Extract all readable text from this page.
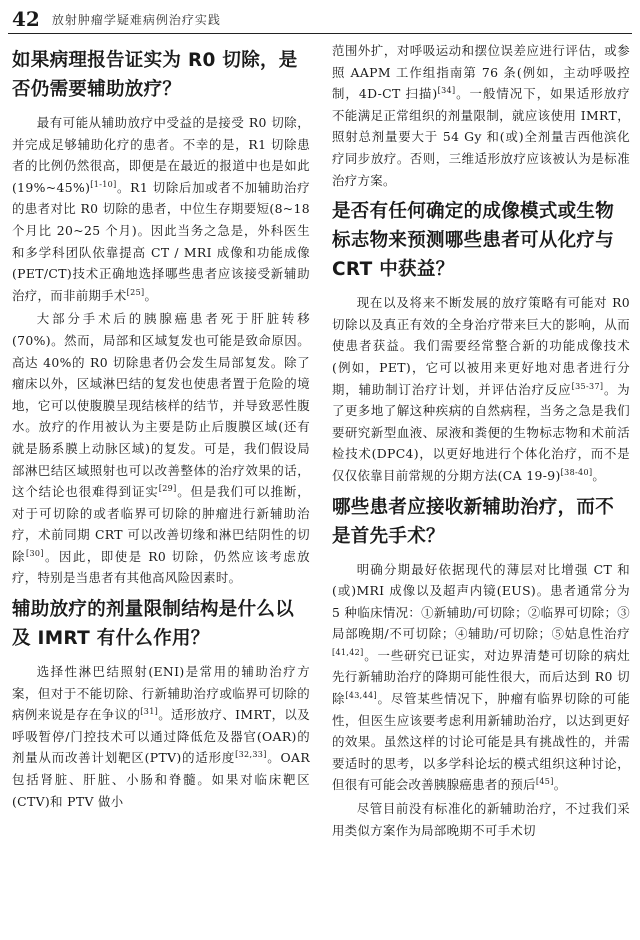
42 放射肿瘤学疑难病例治疗实践
如果病理报告证实为 R0 切除，是否仍需要辅助放疗？

最有可能从辅助放疗中受益的是接受 R0 切除，并完成足够辅助化疗的患者。不幸的是，R1 切除患者的比例仍然很高，即便是在最近的报道中也是如此(19%~45%)[1-10]。R1 切除后加或者不加辅助治疗的患者对比 R0 切除的患者，中位生存期要短(8~18 个月比 20~25 个月)。因此当务之急是，外科医生和多学科团队依靠提高 CT / MRI 成像和功能成像(PET/CT)技术正确地选择哪些患者应该接受新辅助治疗，而非前期手术[25]。

大部分手术后的胰腺癌患者死于肝脏转移(70%)。然而，局部和区域复发也可能是致命原因。高达 40%的 R0 切除患者仍会发生局部复发。除了瘤床以外，区域淋巴结的复发也使患者置于危险的境地，它可以使腹膜呈现结核样的结节，并导致恶性腹水。放疗的作用被认为主要是防止后腹膜区域(还有就是肠系膜上动脉区域)的复发。可是，我们假设局部淋巴结区域照射也可以改善整体的治疗效果的话，这个结论也很难得到证实[29]。但是我们可以推断，对于可切除的或者临界可切除的肿瘤进行新辅助治疗，术前同期 CRT 可以改善切缘和淋巴结阴性的切除[30]。因此，即使是 R0 切除，仍然应该考虑放疗，特别是当患者有其他高风险因素时。

辅助放疗的剂量限制结构是什么以及 IMRT 有什么作用？

选择性淋巴结照射(ENI)是常用的辅助治疗方案，但对于不能切除、行新辅助治疗或临界可切除的病例来说是存在争议的[31]。适形放疗、IMRT，以及呼吸暂停/门控技术可以通过降低危及器官(OAR)的剂量从而改善计划靶区(PTV)的适形度[32,33]。OAR 包括肾脏、肝脏、小肠和脊髓。如果对临床靶区(CTV)和 PTV 做小

范围外扩，对呼吸运动和摆位误差应进行评估，或参照 AAPM 工作组指南第 76 条(例如，主动呼吸控制，4D-CT 扫描)[34]。一般情况下，如果适形放疗不能满足正常组织的剂量限制，就应该使用 IMRT，照射总剂量要大于 54 Gy 和(或)全剂量吉西他滨化疗同步放疗。否则，三维适形放疗应该被认为是标准治疗方案。

是否有任何确定的成像模式或生物标志物来预测哪些患者可从化疗与 CRT 中获益？

现在以及将来不断发展的放疗策略有可能对 R0 切除以及真正有效的全身治疗带来巨大的影响，从而使患者获益。我们需要经常整合新的功能成像技术(例如，PET)，它可以被用来更好地对患者进行分期，辅助制订治疗计划，并评估治疗反应[35-37]。为了更多地了解这种疾病的自然病程，当务之急是我们要研究新型血液、尿液和粪便的生物标志物和术前活检技术(DPC4)，以更好地进行个体化治疗，而不是仅仅依靠目前常规的分期方法(CA 19-9)[38-40]。

哪些患者应接收新辅助治疗，而不是首先手术？

明确分期最好依据现代的薄层对比增强 CT 和(或)MRI 成像以及超声内镜(EUS)。患者通常分为 5 种临床情况：①新辅助/可切除；②临界可切除；③局部晚期/不可切除；④辅助/可切除；⑤姑息性治疗[41,42]。一些研究已证实，对边界清楚可切除的病灶先行新辅助治疗的降期可能性很大，而后达到 R0 切除[43,44]。尽管某些情况下，肿瘤有临界切除的可能性，但医生应该要考虑利用新辅助治疗，以达到更好的效果。虽然这样的讨论可能是具有挑战性的，并需要适时的思考，以多学科论坛的模式组织这种讨论，但很有可能会改善胰腺癌患者的预后[45]。

尽管目前没有标准化的新辅助治疗，不过我们采用类似方案作为局部晚期不可手术切
